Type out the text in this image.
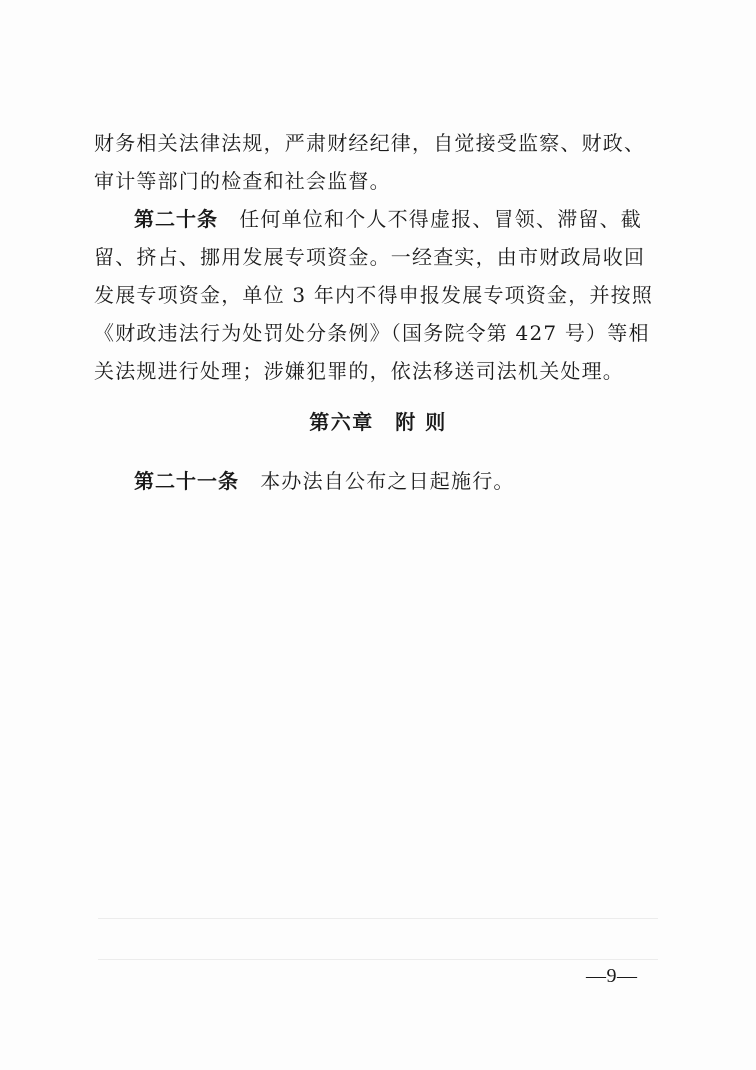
财务相关法律法规，严肃财经纪律，自觉接受监察、财政、审计等部门的检查和社会监督。

第二十条　 任何单位和个人不得虚报、冒领、滞留、截留、挤占、挪用发展专项资金。一经查实，由市财政局收回发展专项资金，单位 3 年内不得申报发展专项资金，并按照《财政违法行为处罚处分条例》（国务院令第 427 号）等相关法规进行处理；涉嫌犯罪的，依法移送司法机关处理。

第六章　附 则

第二十一条　 本办法自公布之日起施行。

—9—
